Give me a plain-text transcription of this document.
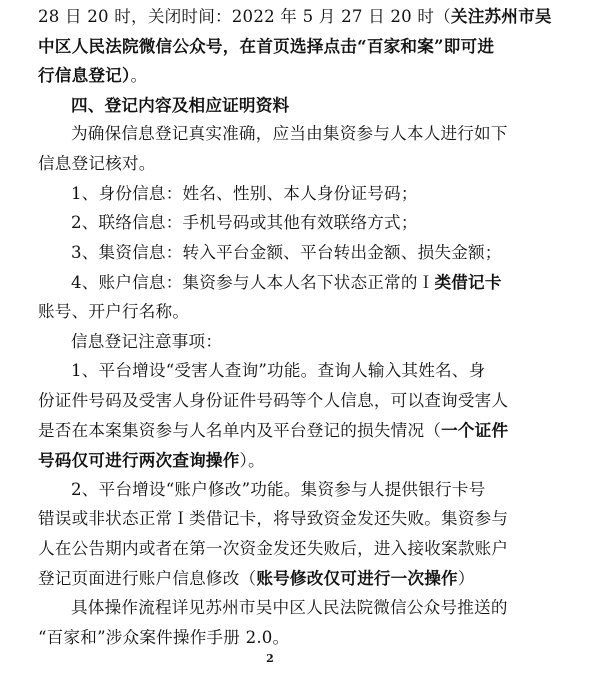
28 日 20 时，关闭时间：2022 年 5 月 27 日 20 时（关注苏州市吴
中区人民法院微信公众号，在首页选择点击“百家和案”即可进
行信息登记）。
四、登记内容及相应证明资料
为确保信息登记真实准确，应当由集资参与人本人进行如下
信息登记核对。
1、身份信息：姓名、性别、本人身份证号码；
2、联络信息：手机号码或其他有效联络方式；
3、集资信息：转入平台金额、平台转出金额、损失金额；
4、账户信息：集资参与人本人名下状态正常的Ｉ类借记卡
账号、开户行名称。
信息登记注意事项：
1、平台增设“受害人查询”功能。查询人输入其姓名、身
份证件号码及受害人身份证件号码等个人信息，可以查询受害人
是否在本案集资参与人名单内及平台登记的损失情况（一个证件
号码仅可进行两次查询操作）。
2、平台增设“账户修改”功能。集资参与人提供银行卡号
错误或非状态正常Ｉ类借记卡，将导致资金发还失败。集资参与
人在公告期内或者在第一次资金发还失败后，进入接收案款账户
登记页面进行账户信息修改（账号修改仅可进行一次操作）
具体操作流程详见苏州市吴中区人民法院微信公众号推送的
“百家和”涉众案件操作手册 2.0。
2
